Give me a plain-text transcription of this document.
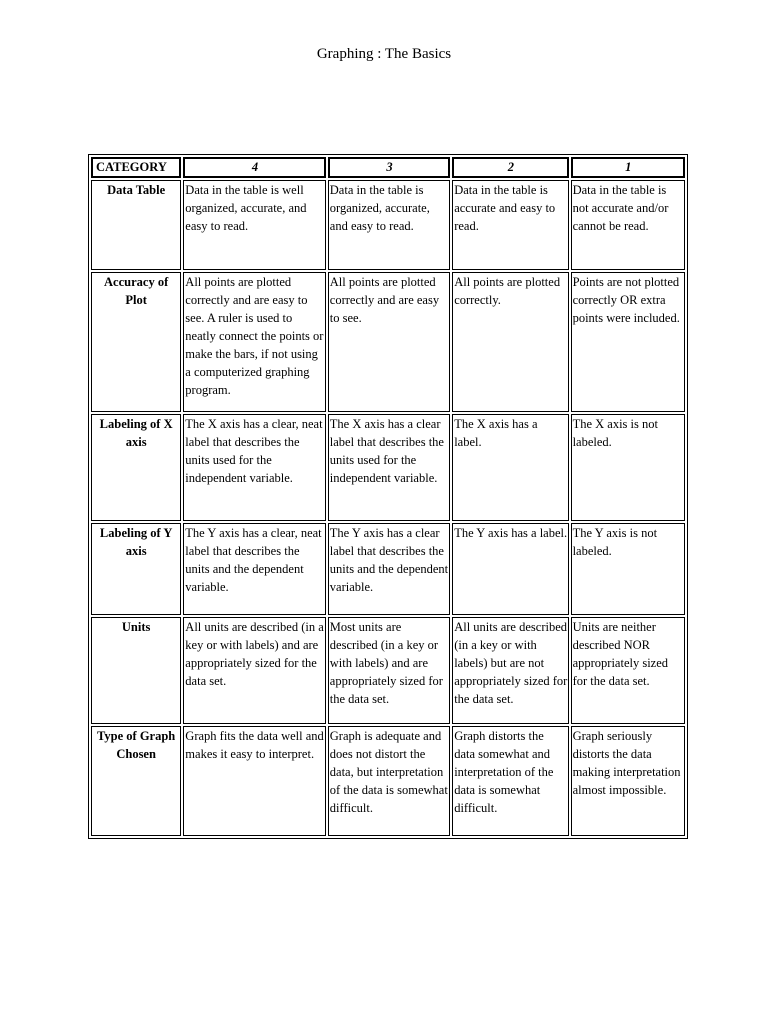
Graphing : The Basics
CATEGORY	4	3	2	1
Data Table	Data in the table is well organized, accurate, and easy to read.	Data in the table is organized, accurate, and easy to read.	Data in the table is accurate and easy to read.	Data in the table is not accurate and/or cannot be read.
Accuracy of Plot	All points are plotted correctly and are easy to see. A ruler is used to neatly connect the points or make the bars, if not using a computerized graphing program.	All points are plotted correctly and are easy to see.	All points are plotted correctly.	Points are not plotted correctly OR extra points were included.
Labeling of X axis	The X axis has a clear, neat label that describes the units used for the independent variable.	The X axis has a clear label that describes the units used for the independent variable.	The X axis has a label.	The X axis is not labeled.
Labeling of Y axis	The Y axis has a clear, neat label that describes the units and the dependent variable.	The Y axis has a clear label that describes the units and the dependent variable.	The Y axis has a label.	The Y axis is not labeled.
Units	All units are described (in a key or with labels) and are appropriately sized for the data set.	Most units are described (in a key or with labels) and are appropriately sized for the data set.	All units are described (in a key or with labels) but are not appropriately sized for the data set.	Units are neither described NOR appropriately sized for the data set.
Type of Graph Chosen	Graph fits the data well and makes it easy to interpret.	Graph is adequate and does not distort the data, but interpretation of the data is somewhat difficult.	Graph distorts the data somewhat and interpretation of the data is somewhat difficult.	Graph seriously distorts the data making interpretation almost impossible.
